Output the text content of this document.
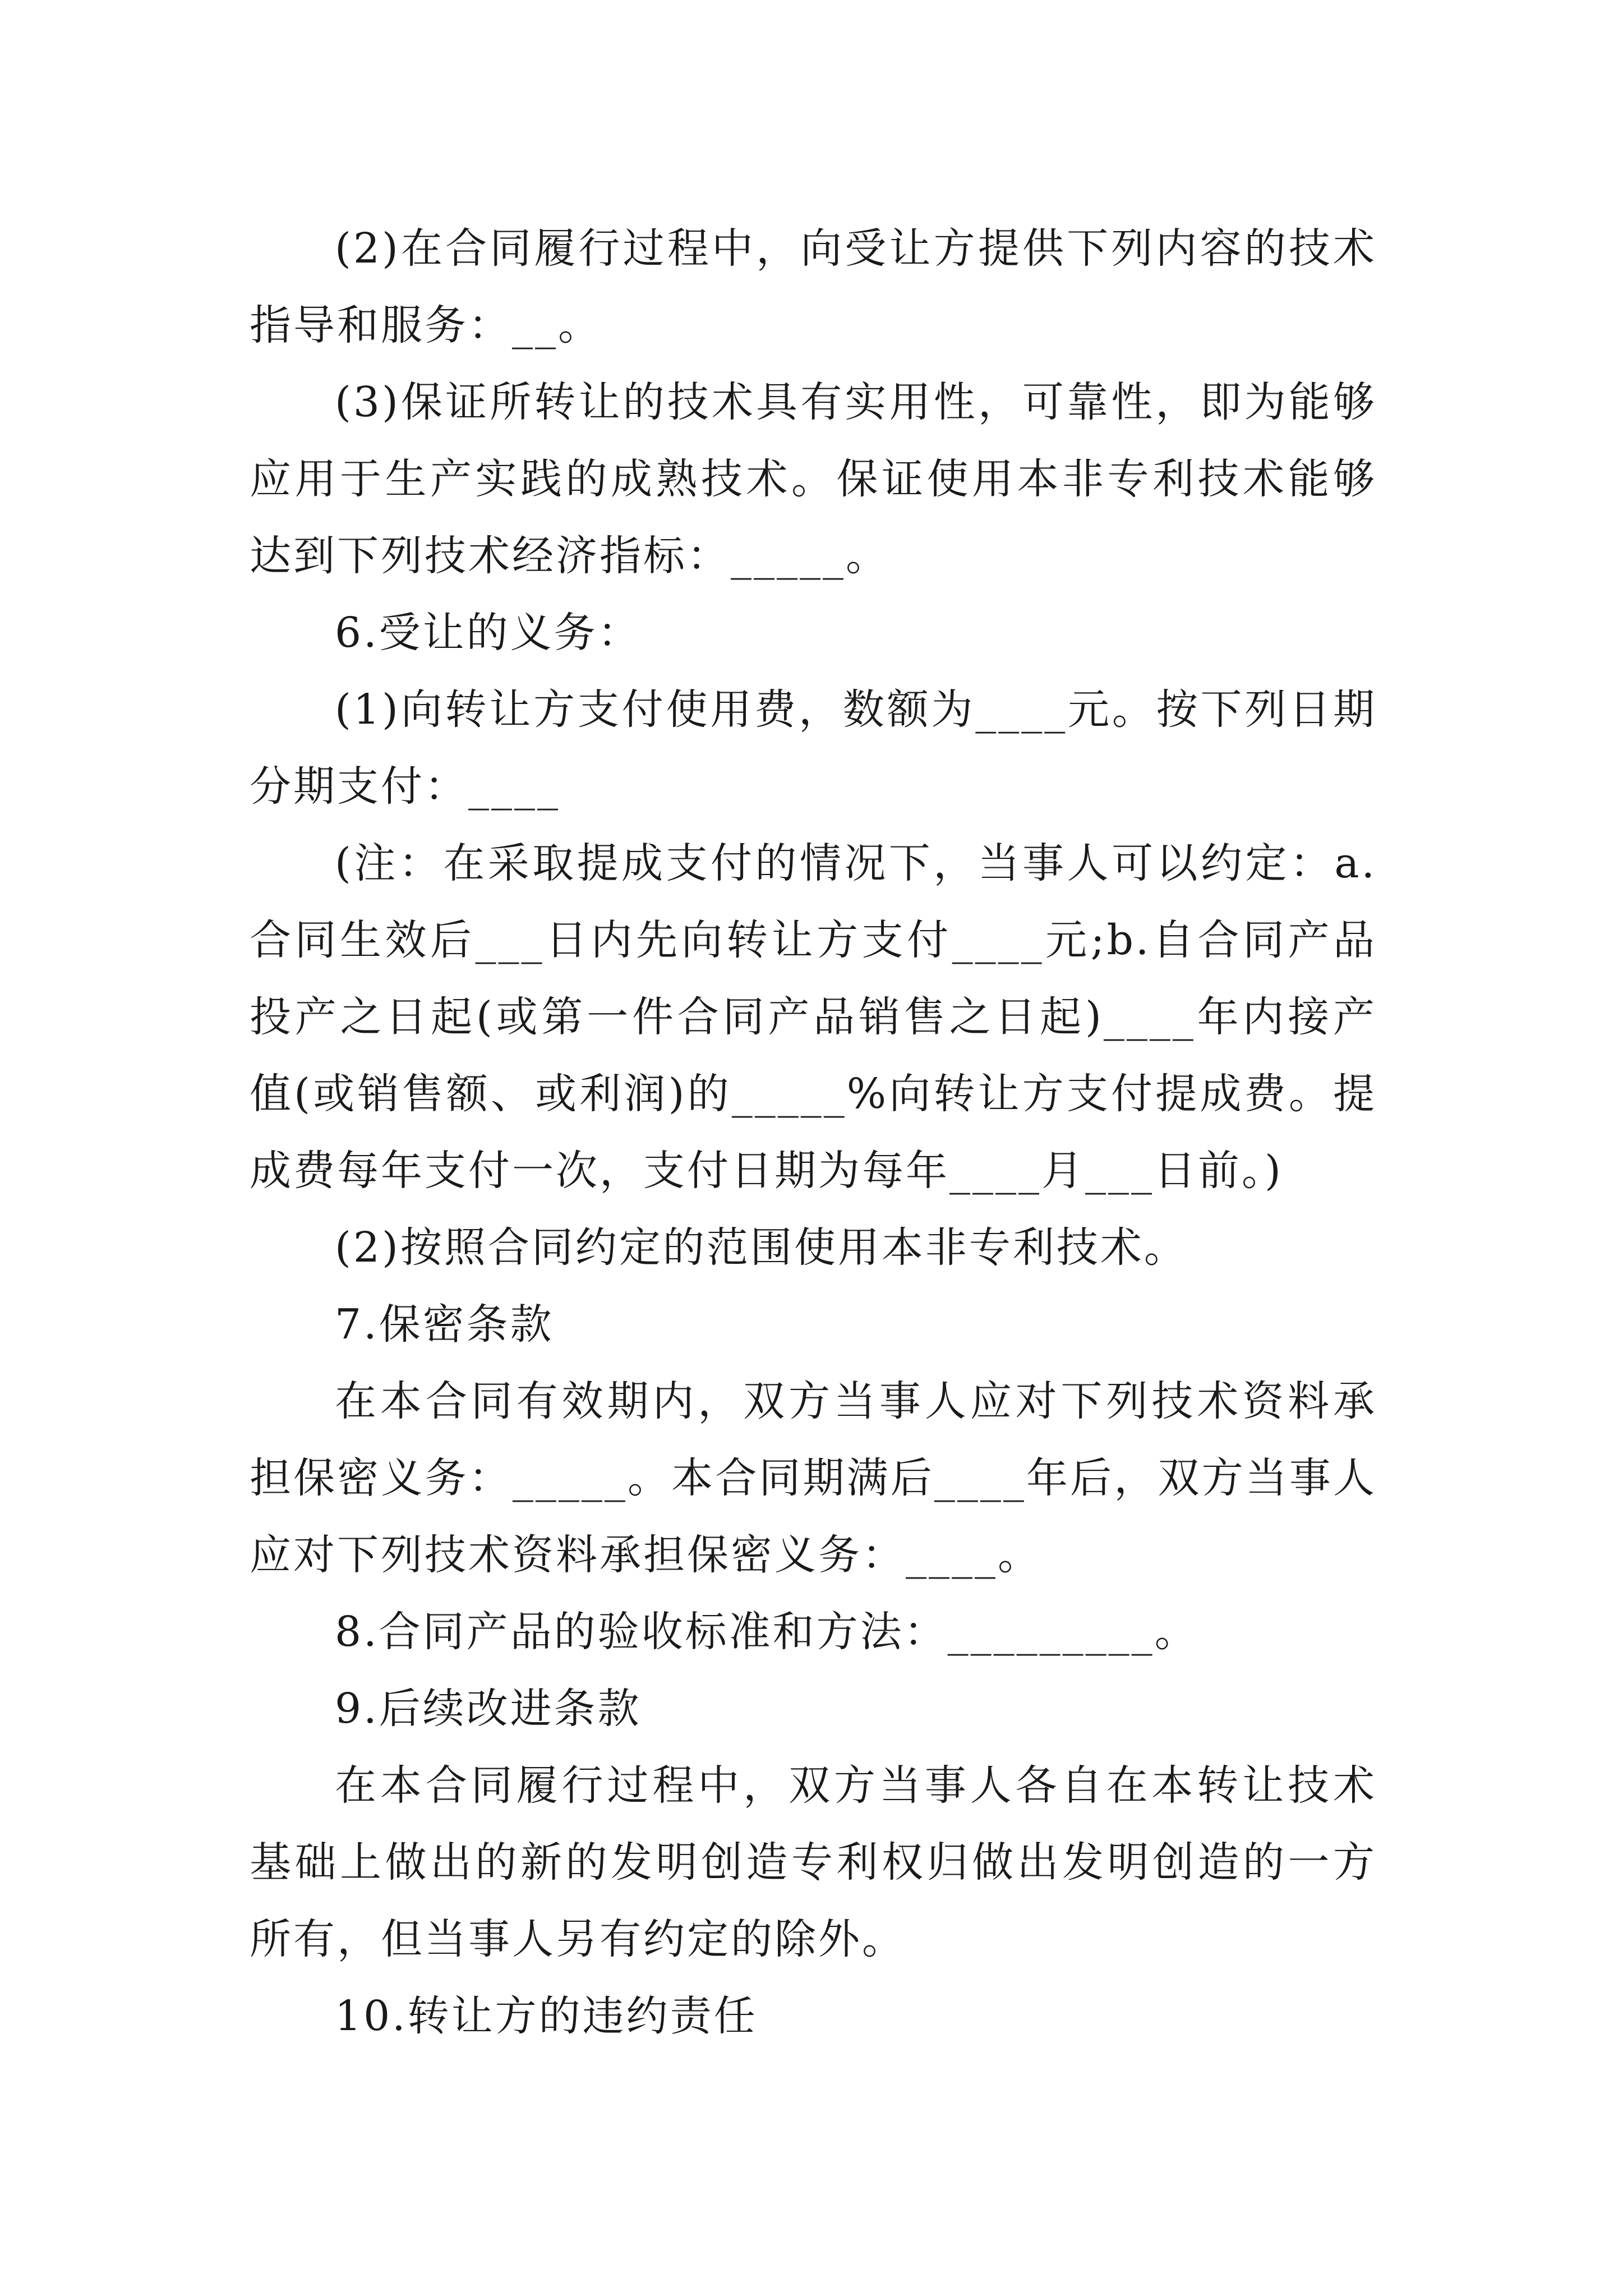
(2)在合同履行过程中，向受让方提供下列内容的技术指导和服务：__。

(3)保证所转让的技术具有实用性，可靠性，即为能够应用于生产实践的成熟技术。保证使用本非专利技术能够达到下列技术经济指标：_____。

6.受让的义务：

(1)向转让方支付使用费，数额为____元。按下列日期分期支付：____

(注：在采取提成支付的情况下，当事人可以约定：a.合同生效后___日内先向转让方支付____元;b.自合同产品投产之日起(或第一件合同产品销售之日起)____年内接产值(或销售额、或利润)的_____%向转让方支付提成费。提成费每年支付一次，支付日期为每年____月___日前。)

(2)按照合同约定的范围使用本非专利技术。

7.保密条款

在本合同有效期内，双方当事人应对下列技术资料承担保密义务：_____。本合同期满后____年后，双方当事人应对下列技术资料承担保密义务：____。

8.合同产品的验收标准和方法：_________。

9.后续改进条款

在本合同履行过程中，双方当事人各自在本转让技术基础上做出的新的发明创造专利权归做出发明创造的一方所有，但当事人另有约定的除外。

10.转让方的违约责任
